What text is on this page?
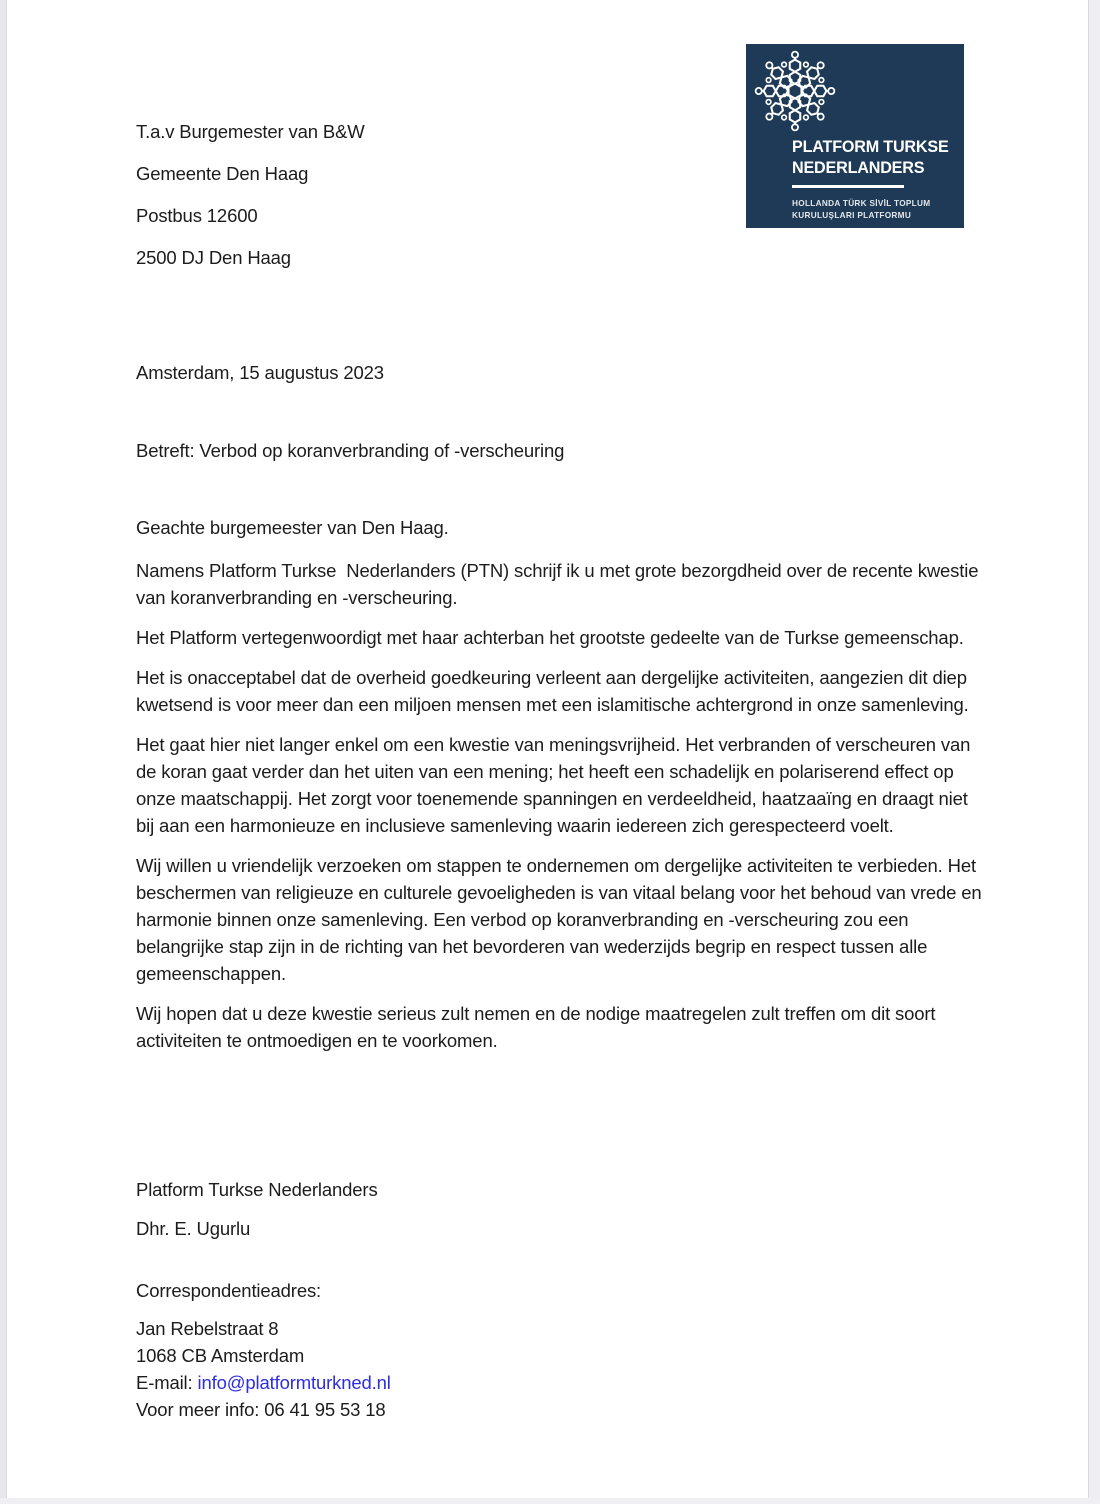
PLATFORM TURKSE
NEDERLANDERS
HOLLANDA TÜRK SİVİL TOPLUM
KURULUŞLARI PLATFORMU

T.a.v Burgemester van B&W

Gemeente Den Haag

Postbus 12600

2500 DJ Den Haag

Amsterdam, 15 augustus 2023

Betreft: Verbod op koranverbranding of -verscheuring

Geachte burgemeester van Den Haag.

Namens Platform Turkse  Nederlanders (PTN) schrijf ik u met grote bezorgdheid over de recente kwestie van koranverbranding en -verscheuring.

Het Platform vertegenwoordigt met haar achterban het grootste gedeelte van de Turkse gemeenschap.

Het is onacceptabel dat de overheid goedkeuring verleent aan dergelijke activiteiten, aangezien dit diep kwetsend is voor meer dan een miljoen mensen met een islamitische achtergrond in onze samenleving.

Het gaat hier niet langer enkel om een kwestie van meningsvrijheid. Het verbranden of verscheuren van de koran gaat verder dan het uiten van een mening; het heeft een schadelijk en polariserend effect op onze maatschappij. Het zorgt voor toenemende spanningen en verdeeldheid, haatzaaïng en draagt niet bij aan een harmonieuze en inclusieve samenleving waarin iedereen zich gerespecteerd voelt.

Wij willen u vriendelijk verzoeken om stappen te ondernemen om dergelijke activiteiten te verbieden. Het beschermen van religieuze en culturele gevoeligheden is van vitaal belang voor het behoud van vrede en harmonie binnen onze samenleving. Een verbod op koranverbranding en -verscheuring zou een belangrijke stap zijn in de richting van het bevorderen van wederzijds begrip en respect tussen alle gemeenschappen.

Wij hopen dat u deze kwestie serieus zult nemen en de nodige maatregelen zult treffen om dit soort activiteiten te ontmoedigen en te voorkomen.

Platform Turkse Nederlanders

Dhr. E. Ugurlu

Correspondentieadres:

Jan Rebelstraat 8

1068 CB Amsterdam

E-mail: info@platformturkned.nl

Voor meer info: 06 41 95 53 18
